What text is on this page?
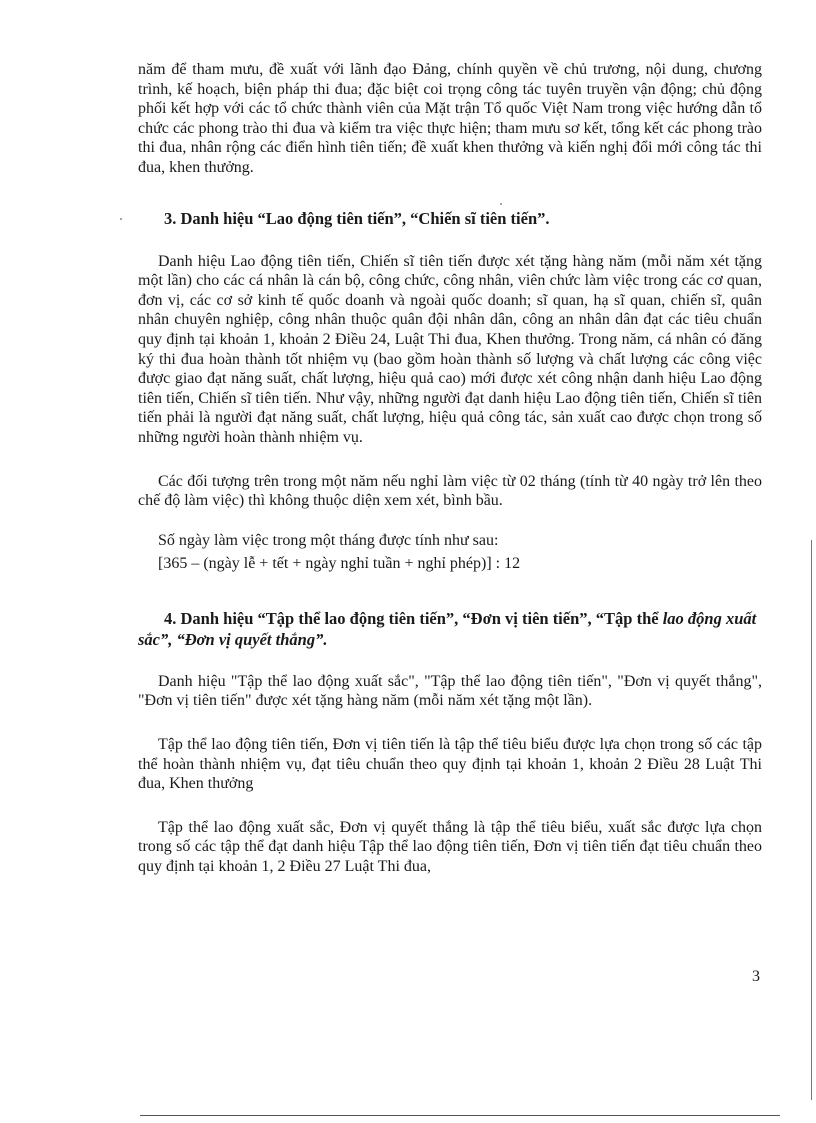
năm để tham mưu, đề xuất với lãnh đạo Đảng, chính quyền về chủ trương, nội dung, chương trình, kế hoạch, biện pháp thi đua; đặc biệt coi trọng công tác tuyên truyền vận động; chủ động phối kết hợp với các tổ chức thành viên của Mặt trận Tổ quốc Việt Nam trong việc hướng dẫn tổ chức các phong trào thi đua và kiểm tra việc thực hiện; tham mưu sơ kết, tổng kết các phong trào thi đua, nhân rộng các điển hình tiên tiến; đề xuất khen thưởng và kiến nghị đổi mới công tác thi đua, khen thưởng.

3. Danh hiệu “Lao động tiên tiến”, “Chiến sĩ tiên tiến”.

Danh hiệu Lao động tiên tiến, Chiến sĩ tiên tiến được xét tặng hàng năm (mỗi năm xét tặng một lần) cho các cá nhân là cán bộ, công chức, công nhân, viên chức làm việc trong các cơ quan, đơn vị, các cơ sở kinh tế quốc doanh và ngoài quốc doanh; sĩ quan, hạ sĩ quan, chiến sĩ, quân nhân chuyên nghiệp, công nhân thuộc quân đội nhân dân, công an nhân dân đạt các tiêu chuẩn quy định tại khoản 1, khoản 2 Điều 24, Luật Thi đua, Khen thưởng. Trong năm, cá nhân có đăng ký thi đua hoàn thành tốt nhiệm vụ (bao gồm hoàn thành số lượng và chất lượng các công việc được giao đạt năng suất, chất lượng, hiệu quả cao) mới được xét công nhận danh hiệu Lao động tiên tiến, Chiến sĩ tiên tiến. Như vậy, những người đạt danh hiệu Lao động tiên tiến, Chiến sĩ tiên tiến phải là người đạt năng suất, chất lượng, hiệu quả công tác, sản xuất cao được chọn trong số những người hoàn thành nhiệm vụ.

Các đối tượng trên trong một năm nếu nghỉ làm việc từ 02 tháng (tính từ 40 ngày trở lên theo chế độ làm việc) thì không thuộc diện xem xét, bình bầu.

Số ngày làm việc trong một tháng được tính như sau:

[365 – (ngày lễ + tết + ngày nghỉ tuần + nghỉ phép)] : 12

4. Danh hiệu “Tập thể lao động tiên tiến”, “Đơn vị tiên tiến”, “Tập thể lao động xuất sắc”, “Đơn vị quyết thắng”.

Danh hiệu "Tập thể lao động xuất sắc", "Tập thể lao động tiên tiến", "Đơn vị quyết thắng", "Đơn vị tiên tiến" được xét tặng hàng năm (mỗi năm xét tặng một lần).

Tập thể lao động tiên tiến, Đơn vị tiên tiến là tập thể tiêu biểu được lựa chọn trong số các tập thể hoàn thành nhiệm vụ, đạt tiêu chuẩn theo quy định tại khoản 1, khoản 2 Điều 28 Luật Thi đua, Khen thưởng

Tập thể lao động xuất sắc, Đơn vị quyết thắng là tập thể tiêu biểu, xuất sắc được lựa chọn trong số các tập thể đạt danh hiệu Tập thể lao động tiên tiến, Đơn vị tiên tiến đạt tiêu chuẩn theo quy định tại khoản 1, 2 Điều 27 Luật Thi đua,

3
